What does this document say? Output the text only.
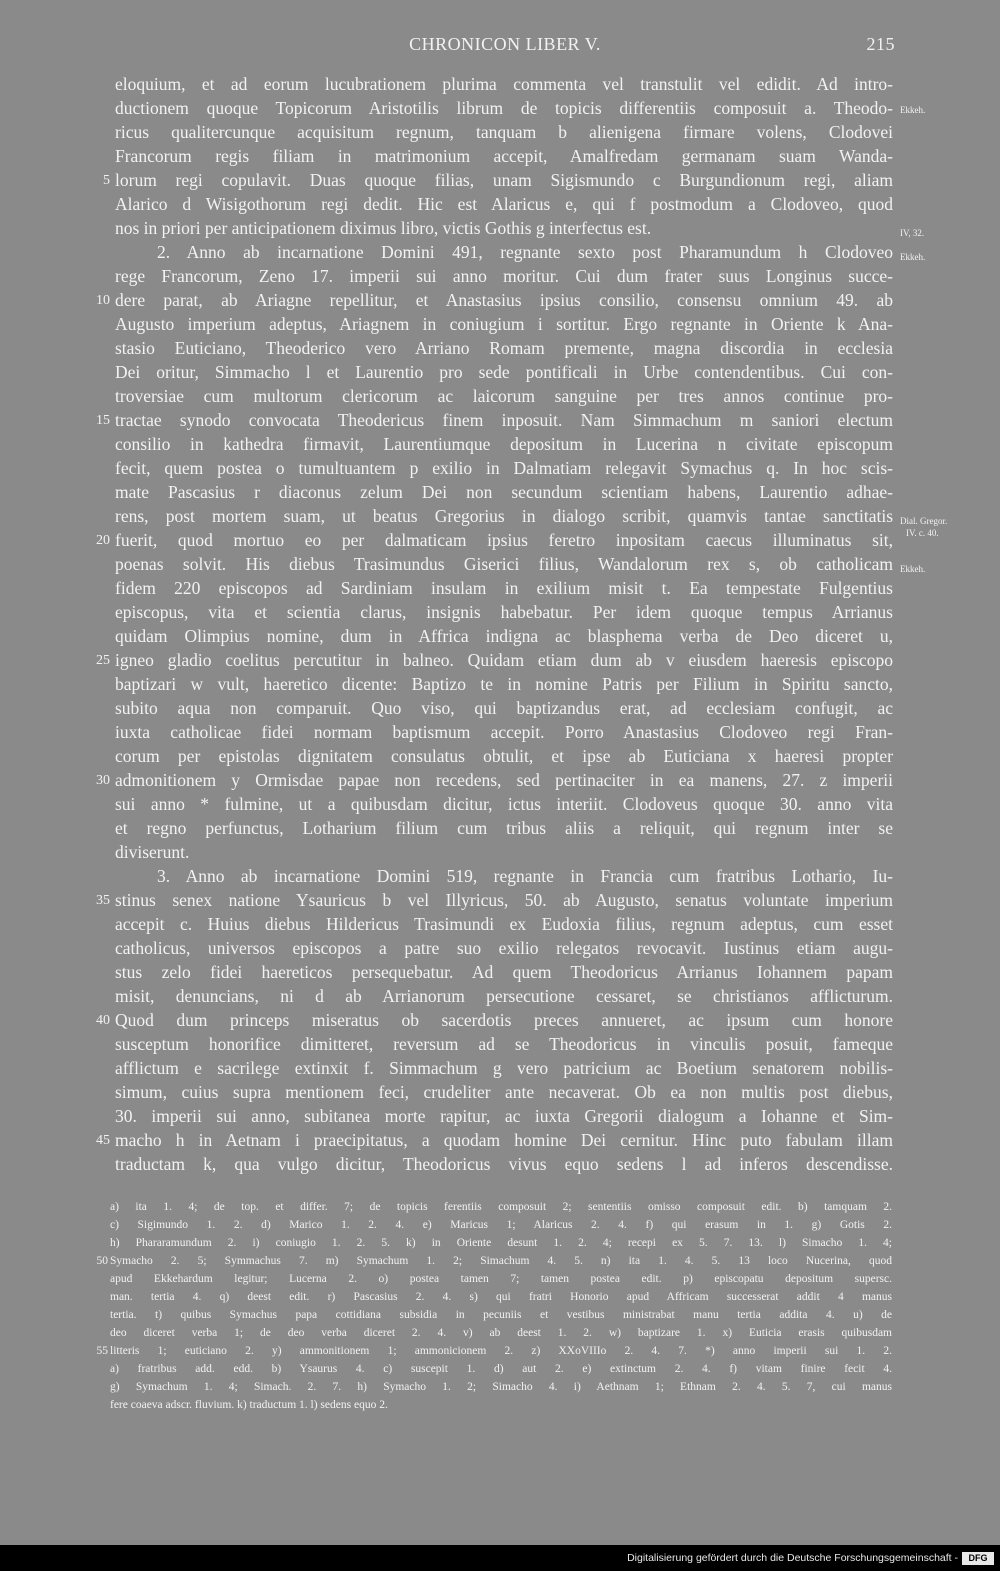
CHRONICON LIBER V.	215
eloquium, et ad eorum lucubrationem plurima commenta vel transtulit vel edidit. Ad intro-
ductionem quoque Topicorum Aristotilis librum de topicis differentiis composuit a. Theodo-
ricus qualitercunque acquisitum regnum, tanquam b alienigena firmare volens, Clodovei
Francorum regis filiam in matrimonium accepit, Amalfredam germanam suam Wanda-
lorum regi copulavit. Duas quoque filias, unam Sigismundo c Burgundionum regi, aliam
Alarico d Wisigothorum regi dedit. Hic est Alaricus e, qui f postmodum a Clodoveo, quod
nos in priori per anticipationem diximus libro, victis Gothis g interfectus est.
2. Anno ab incarnatione Domini 491, regnante sexto post Pharamundum h Clodoveo
rege Francorum, Zeno 17. imperii sui anno moritur. Cui dum frater suus Longinus succe-
dere parat, ab Ariagne repellitur, et Anastasius ipsius consilio, consensu omnium 49. ab
Augusto imperium adeptus, Ariagnem in coniugium i sortitur. Ergo regnante in Oriente k Ana-
stasio Euticiano, Theoderico vero Arriano Romam premente, magna discordia in ecclesia
Dei oritur, Simmacho l et Laurentio pro sede pontificali in Urbe contendentibus. Cui con-
troversiae cum multorum clericorum ac laicorum sanguine per tres annos continue pro-
tractae synodo convocata Theodericus finem inposuit. Nam Simmachum m saniori electum
consilio in kathedra firmavit, Laurentiumque depositum in Lucerina n civitate episcopum
fecit, quem postea o tumultuantem p exilio in Dalmatiam relegavit Symachus q. In hoc scis-
mate Pascasius r diaconus zelum Dei non secundum scientiam habens, Laurentio adhae-
rens, post mortem suam, ut beatus Gregorius in dialogo scribit, quamvis tantae sanctitatis
fuerit, quod mortuo eo per dalmaticam ipsius feretro inpositam caecus illuminatus sit,
poenas solvit. His diebus Trasimundus Giserici filius, Wandalorum rex s, ob catholicam
fidem 220 episcopos ad Sardiniam insulam in exilium misit t. Ea tempestate Fulgentius
episcopus, vita et scientia clarus, insignis habebatur. Per idem quoque tempus Arrianus
quidam Olimpius nomine, dum in Affrica indigna ac blasphema verba de Deo diceret u,
igneo gladio coelitus percutitur in balneo. Quidam etiam dum ab v eiusdem haeresis episcopo
baptizari w vult, haeretico dicente: Baptizo te in nomine Patris per Filium in Spiritu sancto,
subito aqua non comparuit. Quo viso, qui baptizandus erat, ad ecclesiam confugit, ac
iuxta catholicae fidei normam baptismum accepit. Porro Anastasius Clodoveo regi Fran-
corum per epistolas dignitatem consulatus obtulit, et ipse ab Euticiana x haeresi propter
admonitionem y Ormisdae papae non recedens, sed pertinaciter in ea manens, 27. z imperii
sui anno * fulmine, ut a quibusdam dicitur, ictus interiit. Clodoveus quoque 30. anno vita
et regno perfunctus, Lotharium filium cum tribus aliis a reliquit, qui regnum inter se
diviserunt.
3. Anno ab incarnatione Domini 519, regnante in Francia cum fratribus Lothario, Iu-
stinus senex natione Ysauricus b vel Illyricus, 50. ab Augusto, senatus voluntate imperium
accepit c. Huius diebus Hildericus Trasimundi ex Eudoxia filius, regnum adeptus, cum esset
catholicus, universos episcopos a patre suo exilio relegatos revocavit. Iustinus etiam augu-
stus zelo fidei haereticos persequebatur. Ad quem Theodoricus Arrianus Iohannem papam
misit, denuncians, ni d ab Arrianorum persecutione cessaret, se christianos afflicturum.
Quod dum princeps miseratus ob sacerdotis preces annueret, ac ipsum cum honore
susceptum honorifice dimitteret, reversum ad se Theodoricus in vinculis posuit, fameque
afflictum e sacrilege extinxit f. Simmachum g vero patricium ac Boetium senatorem nobilis-
simum, cuius supra mentionem feci, crudeliter ante necaverat. Ob ea non multis post diebus,
30. imperii sui anno, subitanea morte rapitur, ac iuxta Gregorii dialogum a Iohanne et Sim-
macho h in Aetnam i praecipitatus, a quodam homine Dei cernitur. Hinc puto fabulam illam
traductam k, qua vulgo dicitur, Theodoricus vivus equo sedens l ad inferos descendisse.
5
10
15
20
25
30
35
40
45
Ekkeh.
IV, 32.
Ekkeh.
Dial. Gregor.
IV. c. 40.
Ekkeh.
a) ita 1. 4; de top. et differ. 7; de topicis ferentiis composuit 2; sententiis omisso composuit edit. b) tamquam 2.
c) Sigimundo 1. 2. d) Marico 1. 2. 4. e) Maricus 1; Alaricus 2. 4. f) qui erasum in 1. g) Gotis 2.
h) Phararamundum 2. i) coniugio 1. 2. 5. k) in Oriente desunt 1. 2. 4; recepi ex 5. 7. 13. l) Simacho 1. 4;
Symacho 2. 5; Symmachus 7. m) Symachum 1. 2; Simachum 4. 5. n) ita 1. 4. 5. 13 loco Nucerina, quod
apud Ekkehardum legitur; Lucerna 2. o) postea tamen 7; tamen postea edit. p) episcopatu depositum supersc.
man. tertia 4. q) deest edit. r) Pascasius 2. 4. s) qui fratri Honorio apud Affricam successerat addit 4 manus
tertia. t) quibus Symachus papa cottidiana subsidia in pecuniis et vestibus ministrabat manu tertia addita 4. u) de
deo diceret verba 1; de deo verba diceret 2. 4. v) ab deest 1. 2. w) baptizare 1. x) Euticia erasis quibusdam
litteris 1; euticiano 2. y) ammonitionem 1; ammonicionem 2. z) XXoVIIIo 2. 4. 7. *) anno imperii sui 1. 2.
a) fratribus add. edd. b) Ysaurus 4. c) suscepit 1. d) aut 2. e) extinctum 2. 4. f) vitam finire fecit 4.
g) Symachum 1. 4; Simach. 2. 7. h) Symacho 1. 2; Simacho 4. i) Aethnam 1; Ethnam 2. 4. 5. 7, cui manus
fere coaeva adscr. fluvium. k) traductum 1. l) sedens equo 2.
50
55
Digitalisierung gefördert durch die Deutsche Forschungsgemeinschaft -	DFG
